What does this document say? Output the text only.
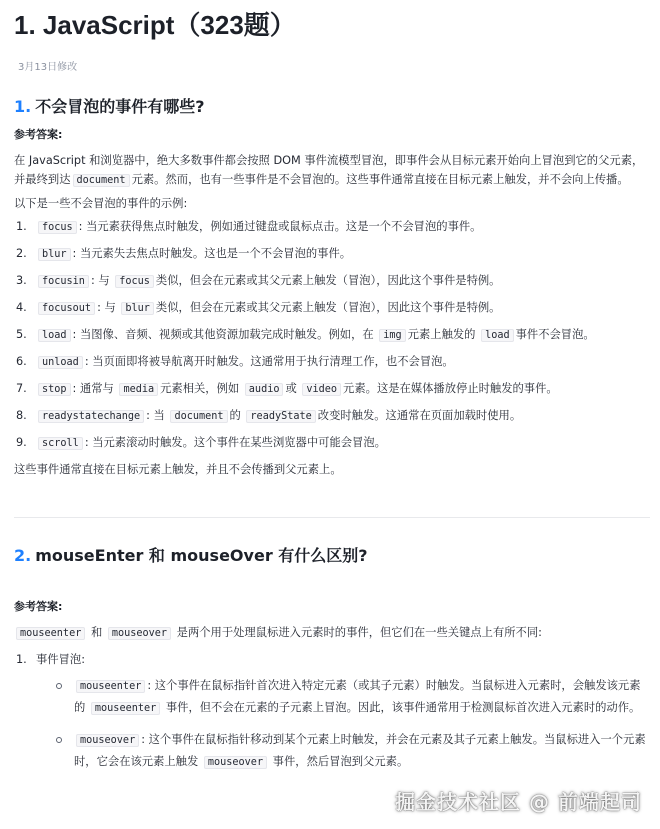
1. JavaScript（323题）
3月13日修改
1. 不会冒泡的事件有哪些?
参考答案:

在 JavaScript 和浏览器中，绝大多数事件都会按照 DOM 事件流模型冒泡，即事件会从目标元素开始向上冒泡到它的父元素，并最终到达 document 元素。然而，也有一些事件是不会冒泡的。这些事件通常直接在目标元素上触发，并不会向上传播。

以下是一些不会冒泡的事件的示例:

1. focus : 当元素获得焦点时触发，例如通过键盘或鼠标点击。这是一个不会冒泡的事件。
2. blur : 当元素失去焦点时触发。这也是一个不会冒泡的事件。
3. focusin : 与 focus 类似，但会在元素或其父元素上触发（冒泡），因此这个事件是特例。
4. focusout : 与 blur 类似，但会在元素或其父元素上触发（冒泡），因此这个事件是特例。
5. load : 当图像、音频、视频或其他资源加载完成时触发。例如，在 img 元素上触发的 load 事件不会冒泡。
6. unload : 当页面即将被导航离开时触发。这通常用于执行清理工作，也不会冒泡。
7. stop : 通常与 media 元素相关，例如 audio 或 video 元素。这是在媒体播放停止时触发的事件。
8. readystatechange : 当 document 的 readyState 改变时触发。这通常在页面加载时使用。
9. scroll : 当元素滚动时触发。这个事件在某些浏览器中可能会冒泡。

这些事件通常直接在目标元素上触发，并且不会传播到父元素上。

2. mouseEnter 和 mouseOver 有什么区别?
参考答案:

mouseenter 和 mouseover 是两个用于处理鼠标进入元素时的事件，但它们在一些关键点上有所不同:

1. 事件冒泡:
mouseenter : 这个事件在鼠标指针首次进入特定元素（或其子元素）时触发。当鼠标进入元素时，会触发该元素的 mouseenter 事件，但不会在元素的子元素上冒泡。因此，该事件通常用于检测鼠标首次进入元素时的动作。
mouseover : 这个事件在鼠标指针移动到某个元素上时触发，并会在元素及其子元素上触发。当鼠标进入一个元素时，它会在该元素上触发 mouseover 事件，然后冒泡到父元素。
掘金技术社区 @ 前端起司
